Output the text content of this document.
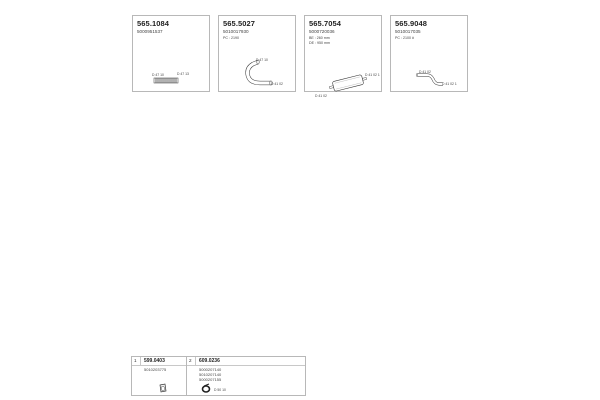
565.1084
5000951537
D 47 10	D 47 13
565.5027
5010017930
PC : 2190
D 47 10
D 41 02
565.7054
5000720036
BE : 260 mm
DE : 950 mm
D 41 02
D 41 02 1
565.9048
5010017035
PC : 2100 #
D 41 02
D 41 02 1
1 599.0403
5010203775
2 609.0236
5000207140
5010207140
5000207155
D 50 10
